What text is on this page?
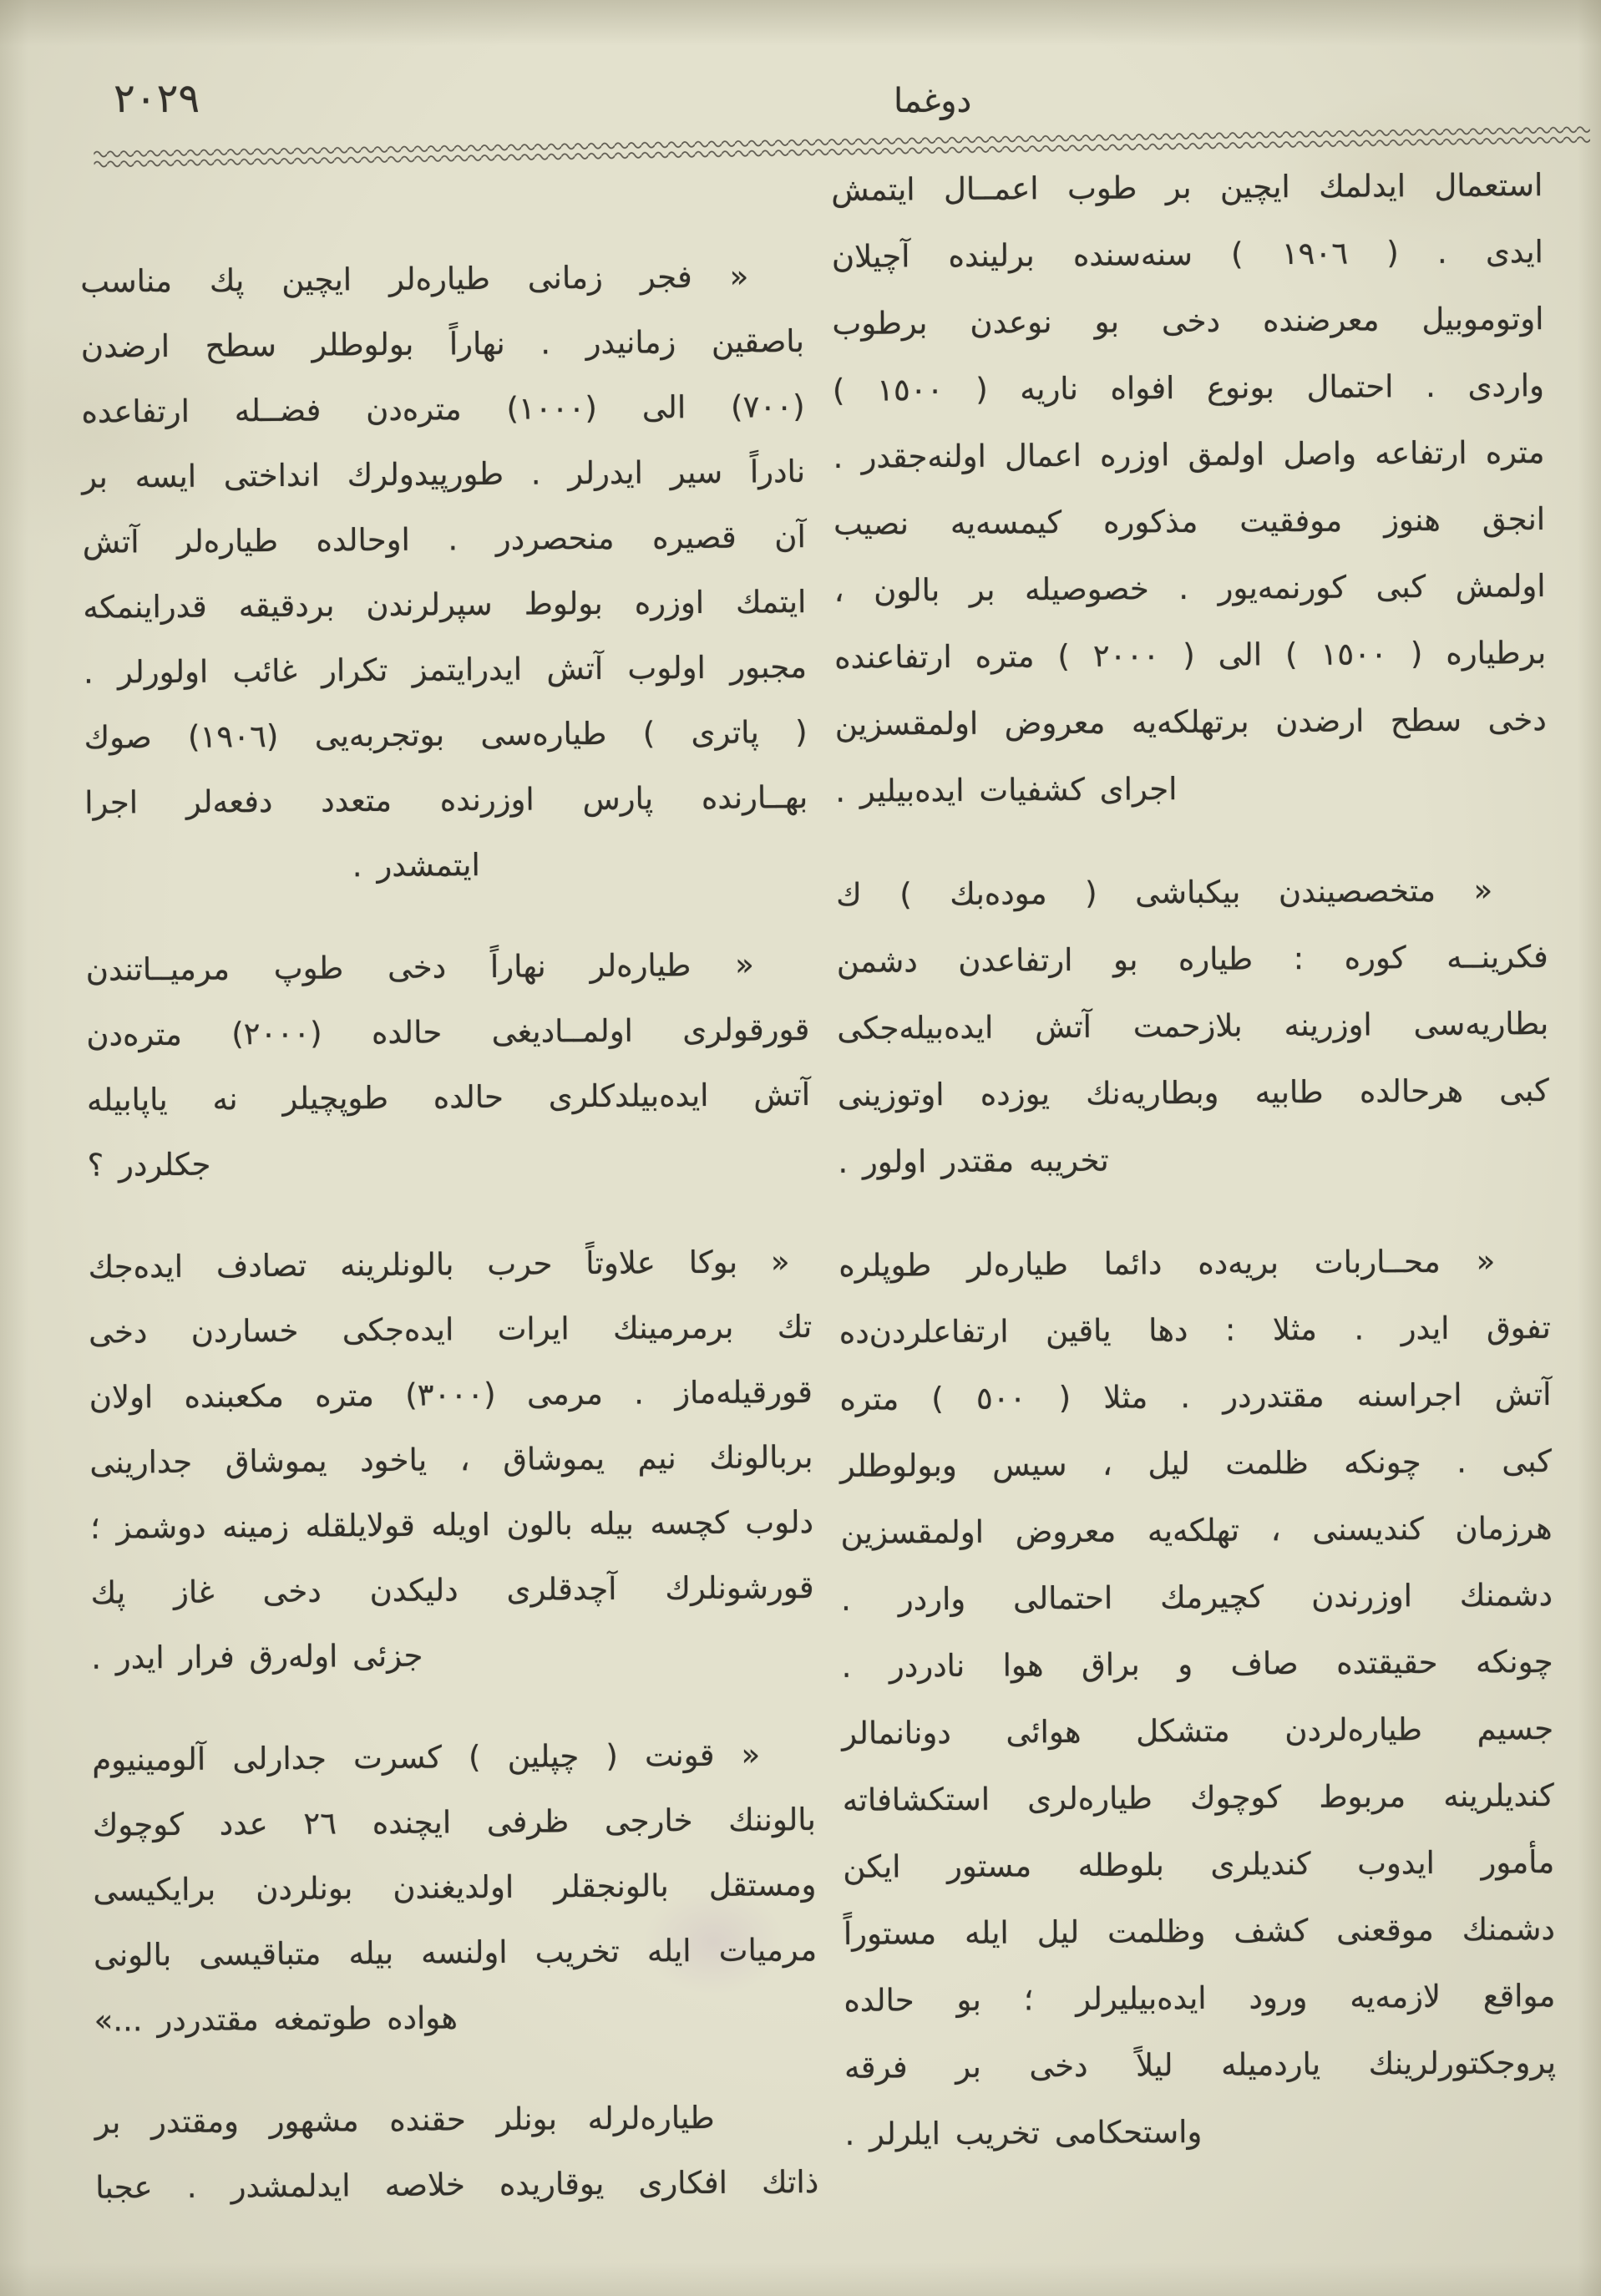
٢٠٢٩	دوغما
استعمال ايدلمك ايچين بر طوب اعمــال ايتمش
ايدى . ( ١٩٠٦ ) سنه‌سنده برلينده آچيلان
اوتوموبيل معرضنده دخى بو نوعدن برطوب
واردى . احتمال بونوع افواه ناريه ( ١٥٠٠ )
متره ارتفاعه واصل اولمق اوزره اعمال اولنه‌جقدر .
انجق هنوز موفقيت مذكوره كيمسه‌يه نصيب
اولمش كبى كورنمه‌يور . خصوصيله بر بالون ،
برطياره ( ١٥٠٠ ) الى ( ٢٠٠٠ ) متره ارتفاعنده
دخى سطح ارضدن برتهلكه‌يه معروض اولمقسزين
اجراى كشفيات ايده‌بيلير .
« متخصصيندن بيكباشى ( موده‌بك ) ك
فكرينــه كوره : طياره بو ارتفاعدن دشمن
بطاريه‌سى اوزرينه بلازحمت آتش ايده‌بيله‌جكى
كبى هرحالده طابيه وبطاريه‌نك يوزده اوتوزينى
تخريبه مقتدر اولور .
« محــاربات بريه‌ده دائما طياره‌لر طوپلره
تفوق ايدر . مثلا : دها ياقين ارتفاعلردن‌ده
آتش اجراسنه مقتدردر . مثلا ( ٥٠٠ ) متره
كبى . چونكه ظلمت ليل ، سيس وبولوطلر
هرزمان كنديسنى ، تهلكه‌يه معروض اولمقسزين
دشمنك اوزرندن كچيرمك احتمالى واردر .
چونكه حقيقتده صاف و براق هوا نادردر .
جسيم طياره‌لردن متشكل هوائى دونانمالر
كنديلرينه مربوط كوچوك طياره‌لرى استكشافاته
مأمور ايدوب كنديلرى بلوطله مستور ايكن
دشمنك موقعنى كشف وظلمت ليل ايله مستوراً
مواقع لازمه‌يه ورود ايده‌بيليرلر ؛ بو حالده
پروجكتورلرينك ياردميله ليلاً دخى بر فرقه
واستحكامى تخريب ايلرلر .
« فجر زمانى طياره‌لر ايچين پك مناسب
باصقين زمانيدر . نهاراً بولوطلر سطح ارضدن
(٧٠٠) الى (١٠٠٠) متره‌دن فضــله ارتفاعده
نادراً سير ايدرلر . طورپيدولرك انداختى ايسه بر
آن قصيره منحصردر . اوحالده طياره‌لر آتش
ايتمك اوزره بولوط سپرلرندن بردقيقه قدراينمكه
مجبور اولوب آتش ايدرايتمز تكرار غائب اولورلر .
( پاترى ) طياره‌سى بوتجربه‌يى (١٩٠٦) صوك
بهــارنده پارس اوزرنده متعدد دفعه‌لر اجرا
ايتمشدر .
« طياره‌لر نهاراً دخى طوپ مرميــاتندن
قورقولرى اولمــاديغى حالده (٢٠٠٠) متره‌دن
آتش ايده‌بيلدكلرى حالده طوپچيلر نه ياپابيله
جكلردر ؟
« بوكا علاوتاً حرب بالونلرينه تصادف ايده‌جك
تك برمرمينك ايرات ايده‌جكى خساردن دخى
قورقيله‌ماز . مرمى (٣٠٠٠) متره مكعبنده اولان
بربالونك نيم يموشاق ، ياخود يموشاق جدارينى
دلوب كچسه بيله بالون اويله قولايلقله زمينه دوشمز ؛
قورشونلرك آچدقلرى دليكدن دخى غاز پك
جزئى اوله‌رق فرار ايدر .
« قونت ( چپلين ) كسرت جدارلى آلومينيوم
بالوننك خارجى ظرفى ايچنده ٢٦ عدد كوچوك
ومستقل بالونجقلر اولديغندن بونلردن برايكيسى
مرميات ايله تخريب اولنسه بيله متباقيسى بالونى
هواده طوتمغه مقتدردر ...»
طياره‌لرله بونلر حقنده مشهور ومقتدر بر
ذاتك افكارى يوقاريده خلاصه ايدلمشدر . عجبا
